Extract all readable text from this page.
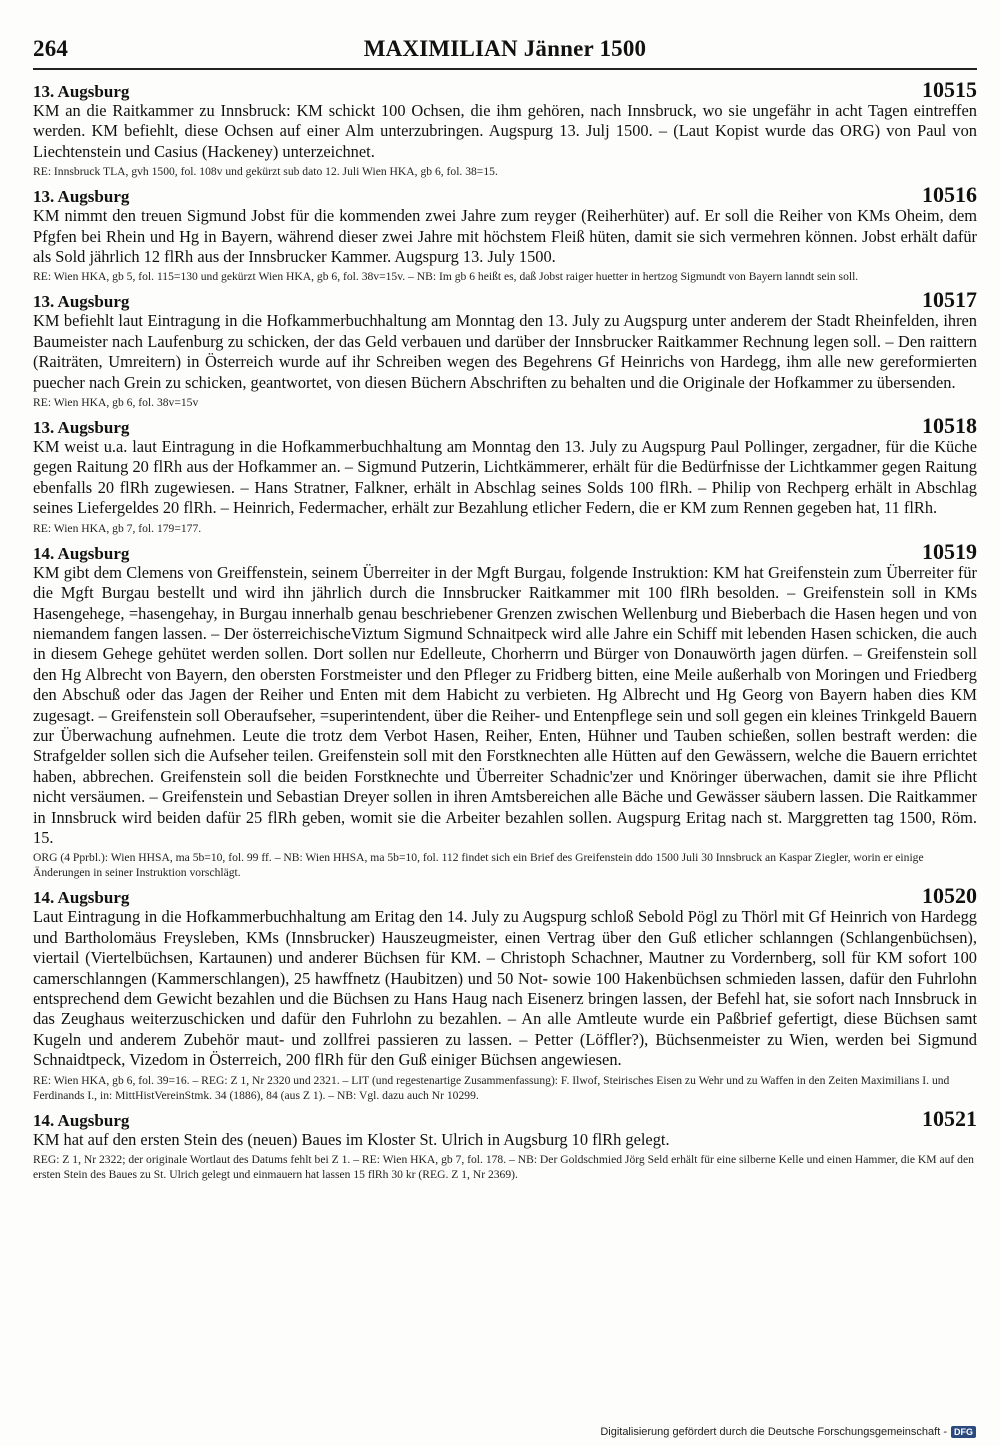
264	MAXIMILIAN Jänner 1500
13. Augsburg	10515
KM an die Raitkammer zu Innsbruck: KM schickt 100 Ochsen, die ihm gehören, nach Innsbruck, wo sie ungefähr in acht Tagen eintreffen werden. KM befiehlt, diese Ochsen auf einer Alm unterzubringen. Augspurg 13. Julj 1500. – (Laut Kopist wurde das ORG) von Paul von Liechtenstein und Casius (Hackeney) unterzeichnet.
RE: Innsbruck TLA, gvh 1500, fol. 108v und gekürzt sub dato 12. Juli Wien HKA, gb 6, fol. 38=15.
13. Augsburg	10516
KM nimmt den treuen Sigmund Jobst für die kommenden zwei Jahre zum reyger (Reiherhüter) auf. Er soll die Reiher von KMs Oheim, dem Pfgfen bei Rhein und Hg in Bayern, während dieser zwei Jahre mit höchstem Fleiß hüten, damit sie sich vermehren können. Jobst erhält dafür als Sold jährlich 12 flRh aus der Innsbrucker Kammer. Augspurg 13. July 1500.
RE: Wien HKA, gb 5, fol. 115=130 und gekürzt Wien HKA, gb 6, fol. 38v=15v. – NB: Im gb 6 heißt es, daß Jobst raiger huetter in hertzog Sigmundt von Bayern lanndt sein soll.
13. Augsburg	10517
KM befiehlt laut Eintragung in die Hofkammerbuchhaltung am Monntag den 13. July zu Augspurg unter anderem der Stadt Rheinfelden, ihren Baumeister nach Laufenburg zu schicken, der das Geld verbauen und darüber der Innsbrucker Raitkammer Rechnung legen soll. – Den raittern (Raiträten, Umreitern) in Österreich wurde auf ihr Schreiben wegen des Begehrens Gf Heinrichs von Hardegg, ihm alle new gereformierten puecher nach Grein zu schicken, geantwortet, von diesen Büchern Abschriften zu behalten und die Originale der Hofkammer zu übersenden.
RE: Wien HKA, gb 6, fol. 38v=15v
13. Augsburg	10518
KM weist u.a. laut Eintragung in die Hofkammerbuchhaltung am Monntag den 13. July zu Augspurg Paul Pollinger, zergadner, für die Küche gegen Raitung 20 flRh aus der Hofkammer an. – Sigmund Putzerin, Lichtkämmerer, erhält für die Bedürfnisse der Lichtkammer gegen Raitung ebenfalls 20 flRh zugewiesen. – Hans Stratner, Falkner, erhält in Abschlag seines Solds 100 flRh. – Philip von Rechperg erhält in Abschlag seines Liefergeldes 20 flRh. – Heinrich, Federmacher, erhält zur Bezahlung etlicher Federn, die er KM zum Rennen gegeben hat, 11 flRh.
RE: Wien HKA, gb 7, fol. 179=177.
14. Augsburg	10519
KM gibt dem Clemens von Greiffenstein, seinem Überreiter in der Mgft Burgau, folgende Instruktion: KM hat Greifenstein zum Überreiter für die Mgft Burgau bestellt und wird ihn jährlich durch die Innsbrucker Raitkammer mit 100 flRh besolden. – Greifenstein soll in KMs Hasengehege, =hasengehay, in Burgau innerhalb genau beschriebener Grenzen zwischen Wellenburg und Bieberbach die Hasen hegen und von niemandem fangen lassen. – Der österreichischeViztum Sigmund Schnaitpeck wird alle Jahre ein Schiff mit lebenden Hasen schicken, die auch in diesem Gehege gehütet werden sollen. Dort sollen nur Edelleute, Chorherrn und Bürger von Donauwörth jagen dürfen. – Greifenstein soll den Hg Albrecht von Bayern, den obersten Forstmeister und den Pfleger zu Fridberg bitten, eine Meile außerhalb von Moringen und Friedberg den Abschuß oder das Jagen der Reiher und Enten mit dem Habicht zu verbieten. Hg Albrecht und Hg Georg von Bayern haben dies KM zugesagt. – Greifenstein soll Oberaufseher, =superintendent, über die Reiher- und Entenpflege sein und soll gegen ein kleines Trinkgeld Bauern zur Überwachung aufnehmen. Leute die trotz dem Verbot Hasen, Reiher, Enten, Hühner und Tauben schießen, sollen bestraft werden: die Strafgelder sollen sich die Aufseher teilen. Greifenstein soll mit den Forstknechten alle Hütten auf den Gewässern, welche die Bauern errichtet haben, abbrechen. Greifenstein soll die beiden Forstknechte und Überreiter Schadnic'zer und Knöringer überwachen, damit sie ihre Pflicht nicht versäumen. – Greifenstein und Sebastian Dreyer sollen in ihren Amtsbereichen alle Bäche und Gewässer säubern lassen. Die Raitkammer in Innsbruck wird beiden dafür 25 flRh geben, womit sie die Arbeiter bezahlen sollen. Augspurg Eritag nach st. Marggretten tag 1500, Röm. 15.
ORG (4 Pprbl.): Wien HHSA, ma 5b=10, fol. 99 ff. – NB: Wien HHSA, ma 5b=10, fol. 112 findet sich ein Brief des Greifenstein ddo 1500 Juli 30 Innsbruck an Kaspar Ziegler, worin er einige Änderungen in seiner Instruktion vorschlägt.
14. Augsburg	10520
Laut Eintragung in die Hofkammerbuchhaltung am Eritag den 14. July zu Augspurg schloß Sebold Pögl zu Thörl mit Gf Heinrich von Hardegg und Bartholomäus Freysleben, KMs (Innsbrucker) Hauszeugmeister, einen Vertrag über den Guß etlicher schlanngen (Schlangenbüchsen), viertail (Viertelbüchsen, Kartaunen) und anderer Büchsen für KM. – Christoph Schachner, Mautner zu Vordernberg, soll für KM sofort 100 camerschlanngen (Kammerschlangen), 25 hawffnetz (Haubitzen) und 50 Not- sowie 100 Hakenbüchsen schmieden lassen, dafür den Fuhrlohn entsprechend dem Gewicht bezahlen und die Büchsen zu Hans Haug nach Eisenerz bringen lassen, der Befehl hat, sie sofort nach Innsbruck in das Zeughaus weiterzuschicken und dafür den Fuhrlohn zu bezahlen. – An alle Amtleute wurde ein Paßbrief gefertigt, diese Büchsen samt Kugeln und anderem Zubehör maut- und zollfrei passieren zu lassen. – Petter (Löffler?), Büchsenmeister zu Wien, werden bei Sigmund Schnaidtpeck, Vizedom in Österreich, 200 flRh für den Guß einiger Büchsen angewiesen.
RE: Wien HKA, gb 6, fol. 39=16. – REG: Z 1, Nr 2320 und 2321. – LIT (und regestenartige Zusammenfassung): F. Ilwof, Steirisches Eisen zu Wehr und zu Waffen in den Zeiten Maximilians I. und Ferdinands I., in: MittHistVereinStmk. 34 (1886), 84 (aus Z 1). – NB: Vgl. dazu auch Nr 10299.
14. Augsburg	10521
KM hat auf den ersten Stein des (neuen) Baues im Kloster St. Ulrich in Augsburg 10 flRh gelegt.
REG: Z 1, Nr 2322; der originale Wortlaut des Datums fehlt bei Z 1. – RE: Wien HKA, gb 7, fol. 178. – NB: Der Goldschmied Jörg Seld erhält für eine silberne Kelle und einen Hammer, die KM auf den ersten Stein des Baues zu St. Ulrich gelegt und einmauern hat lassen 15 flRh 30 kr (REG. Z 1, Nr 2369).
Digitalisierung gefördert durch die Deutsche Forschungsgemeinschaft - DFG
